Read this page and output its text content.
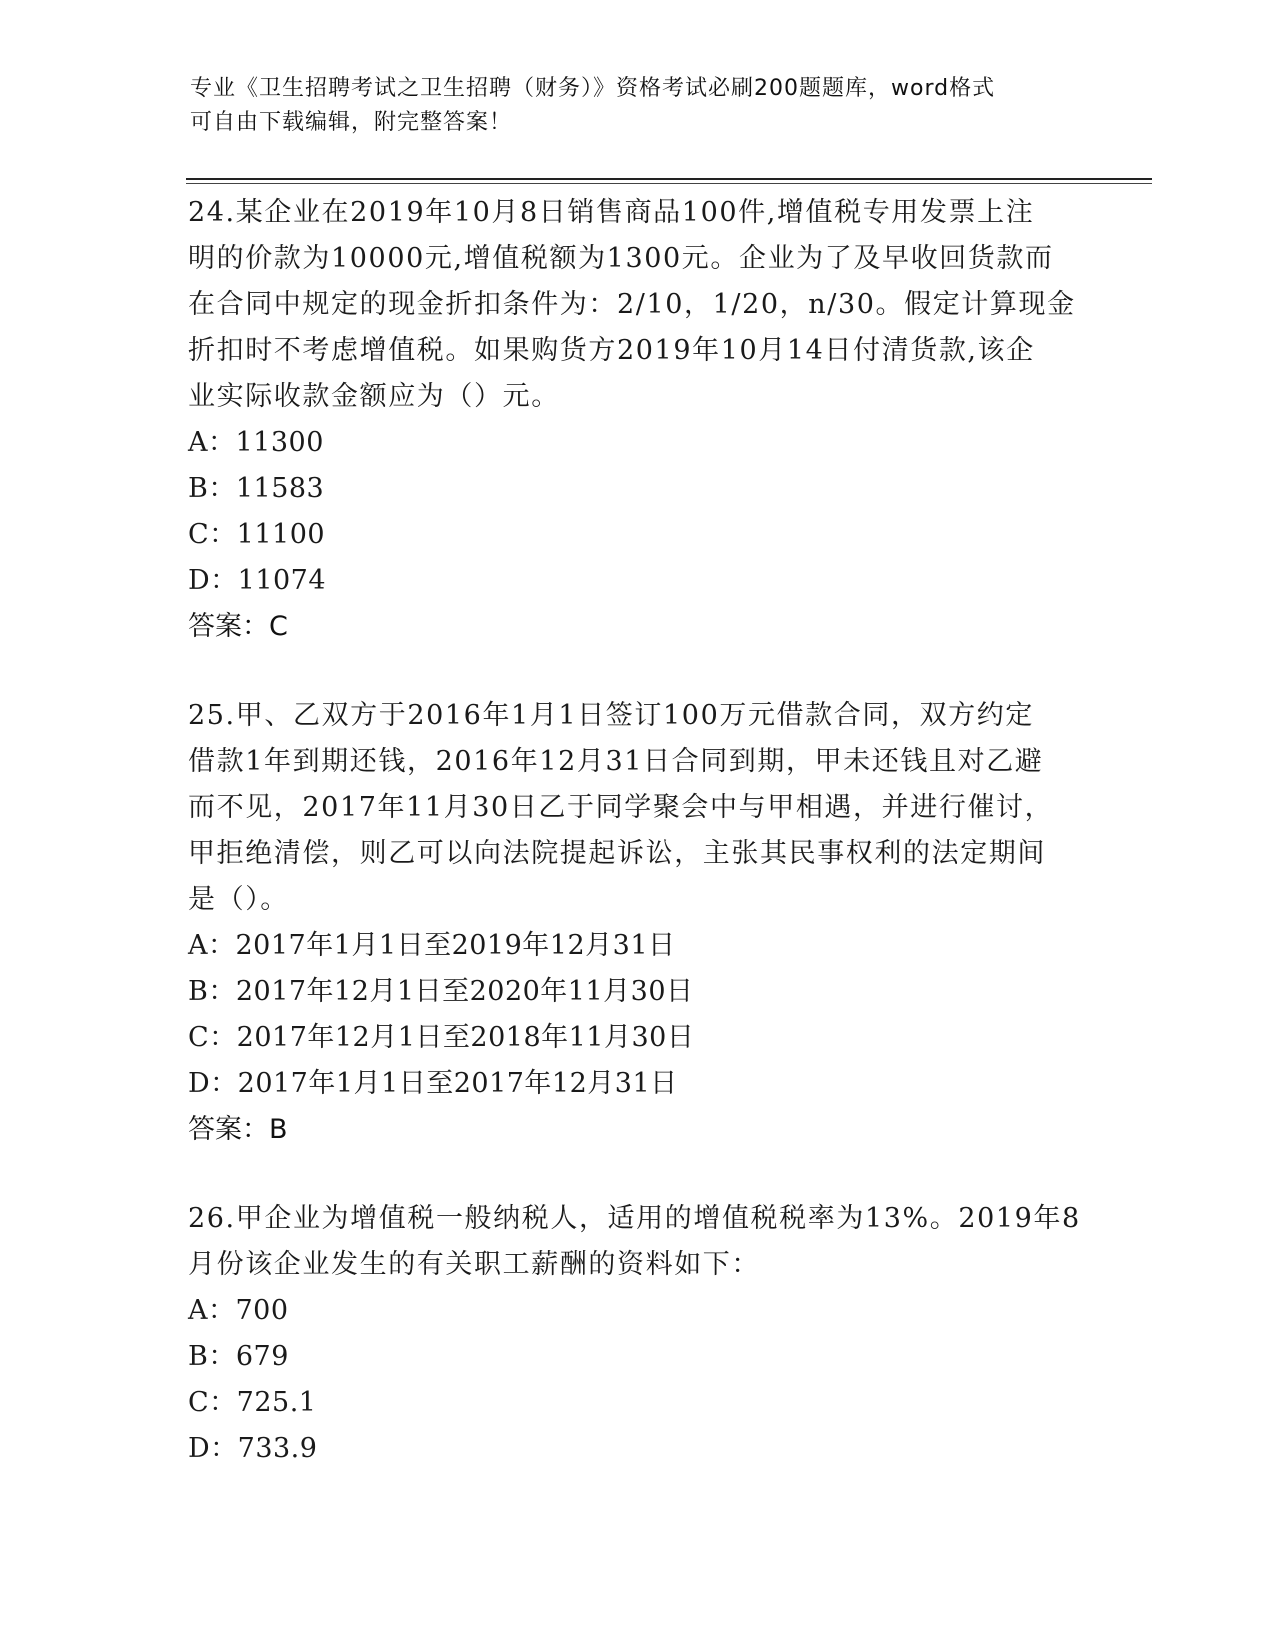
专业《卫生招聘考试之卫生招聘（财务）》资格考试必刷200题题库，word格式
可自由下载编辑，附完整答案！
24.某企业在2019年10月8日销售商品100件,增值税专用发票上注
明的价款为10000元,增值税额为1300元。企业为了及早收回货款而
在合同中规定的现金折扣条件为：2/10，1/20，n/30。假定计算现金
折扣时不考虑增值税。如果购货方2019年10月14日付清货款,该企
业实际收款金额应为（）元。
A：11300
B：11583
C：11100
D：11074
答案：C
25.甲、乙双方于2016年1月1日签订100万元借款合同，双方约定
借款1年到期还钱，2016年12月31日合同到期，甲未还钱且对乙避
而不见，2017年11月30日乙于同学聚会中与甲相遇，并进行催讨，
甲拒绝清偿，则乙可以向法院提起诉讼，主张其民事权利的法定期间
是（）。
A：2017年1月1日至2019年12月31日
B：2017年12月1日至2020年11月30日
C：2017年12月1日至2018年11月30日
D：2017年1月1日至2017年12月31日
答案：B
26.甲企业为增值税一般纳税人，适用的增值税税率为13%。2019年8
月份该企业发生的有关职工薪酬的资料如下：
A：700
B：679
C：725.1
D：733.9
